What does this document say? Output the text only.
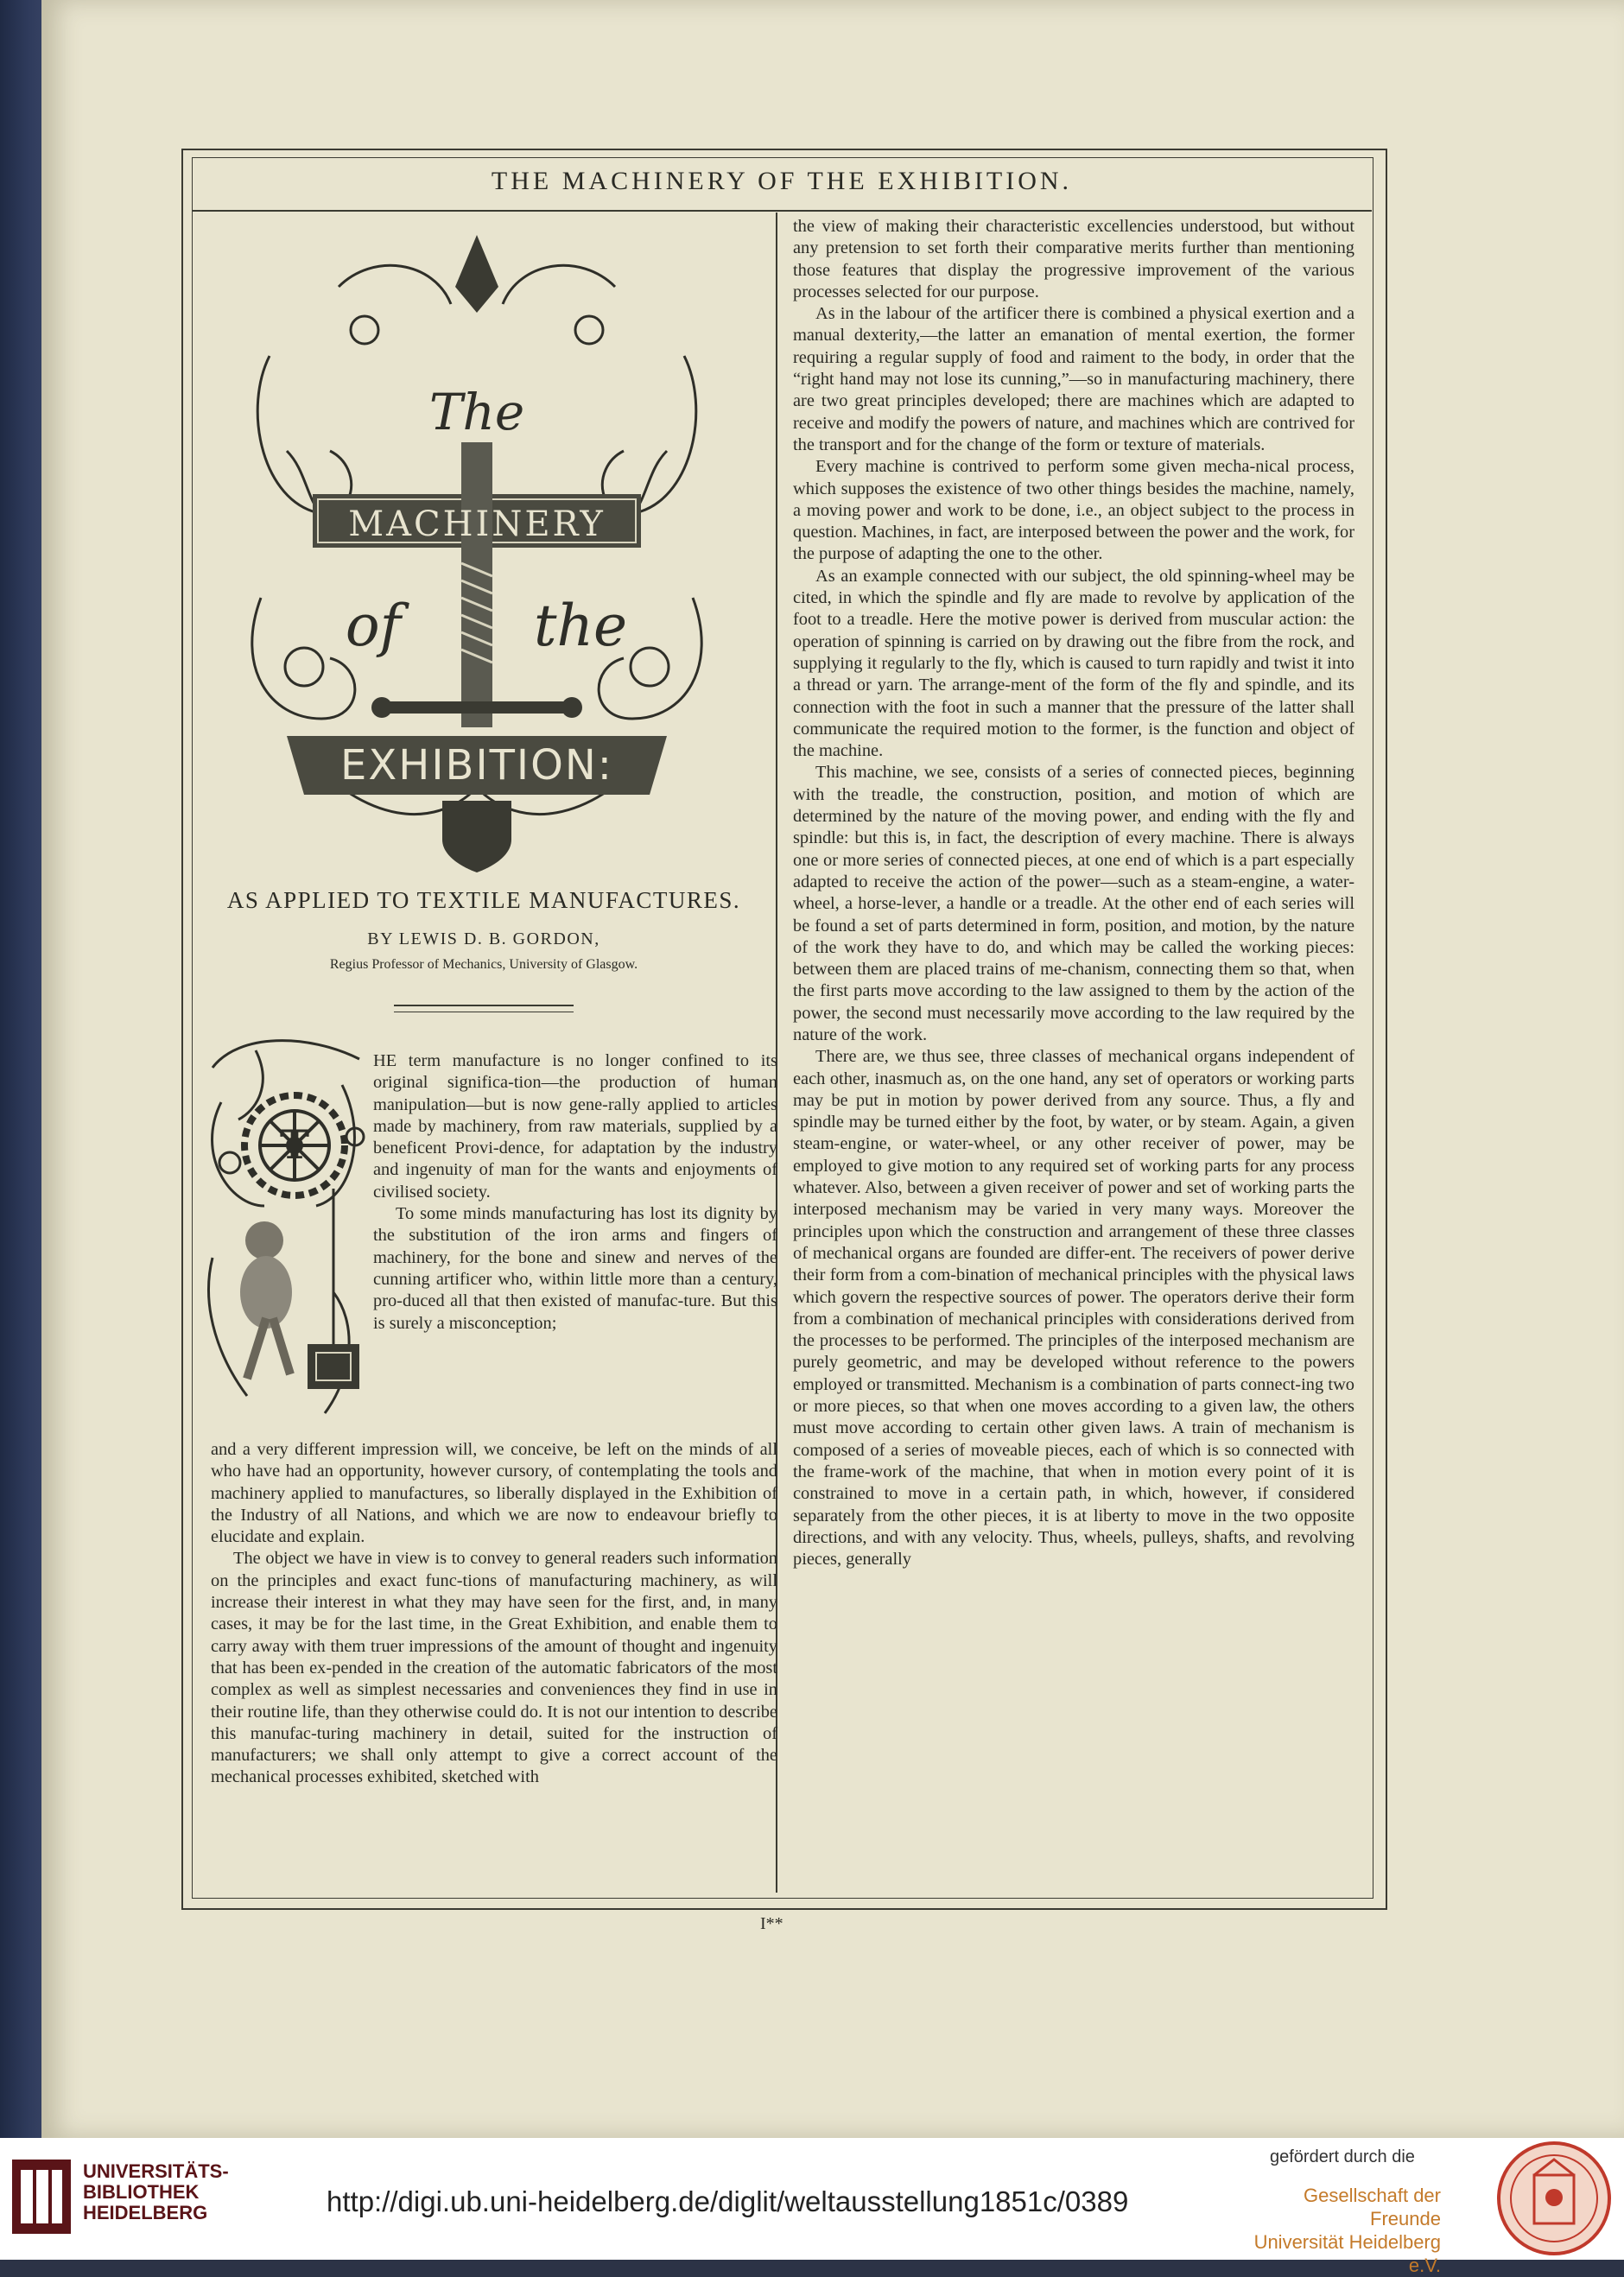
THE MACHINERY OF THE EXHIBITION.
The
MACHINERY
of the
EXHIBITION:
AS APPLIED TO TEXTILE MANUFACTURES.
BY LEWIS D. B. GORDON,
Regius Professor of Mechanics, University of Glasgow.
T

HE term manufacture is no longer confined to its original significa-tion—the production of human manipulation—but is now gene-rally applied to articles made by machinery, from raw materials, supplied by a beneficent Provi-dence, for adaptation by the industry and ingenuity of man for the wants and enjoyments of civilised society.

To some minds manufacturing has lost its dignity by the substitution of the iron arms and fingers of machinery, for the bone and sinew and nerves of the cunning artificer who, within little more than a century, pro-duced all that then existed of manufac-ture. But this is surely a misconception;

and a very different impression will, we conceive, be left on the minds of all who have had an opportunity, however cursory, of contemplating the tools and machinery applied to manufactures, so liberally displayed in the Exhibition of the Industry of all Nations, and which we are now to endeavour briefly to elucidate and explain.

The object we have in view is to convey to general readers such information on the principles and exact func-tions of manufacturing machinery, as will increase their interest in what they may have seen for the first, and, in many cases, it may be for the last time, in the Great Exhibition, and enable them to carry away with them truer impressions of the amount of thought and ingenuity that has been ex-pended in the creation of the automatic fabricators of the most complex as well as simplest necessaries and conveniences they find in use in their routine life, than they otherwise could do. It is not our intention to describe this manufac-turing machinery in detail, suited for the instruction of manufacturers; we shall only attempt to give a correct account of the mechanical processes exhibited, sketched with

the view of making their characteristic excellencies understood, but without any pretension to set forth their comparative merits further than mentioning those features that display the progressive improvement of the various processes selected for our purpose.

As in the labour of the artificer there is combined a physical exertion and a manual dexterity,—the latter an emanation of mental exertion, the former requiring a regular supply of food and raiment to the body, in order that the “right hand may not lose its cunning,”—so in manufacturing machinery, there are two great principles developed; there are machines which are adapted to receive and modify the powers of nature, and machines which are contrived for the transport and for the change of the form or texture of materials.

Every machine is contrived to perform some given mecha-nical process, which supposes the existence of two other things besides the machine, namely, a moving power and work to be done, i.e., an object subject to the process in question. Machines, in fact, are interposed between the power and the work, for the purpose of adapting the one to the other.

As an example connected with our subject, the old spinning-wheel may be cited, in which the spindle and fly are made to revolve by application of the foot to a treadle. Here the motive power is derived from muscular action: the operation of spinning is carried on by drawing out the fibre from the rock, and supplying it regularly to the fly, which is caused to turn rapidly and twist it into a thread or yarn. The arrange-ment of the form of the fly and spindle, and its connection with the foot in such a manner that the pressure of the latter shall communicate the required motion to the former, is the function and object of the machine.

This machine, we see, consists of a series of connected pieces, beginning with the treadle, the construction, position, and motion of which are determined by the nature of the moving power, and ending with the fly and spindle: but this is, in fact, the description of every machine. There is always one or more series of connected pieces, at one end of which is a part especially adapted to receive the action of the power—such as a steam-engine, a water-wheel, a horse-lever, a handle or a treadle. At the other end of each series will be found a set of parts determined in form, position, and motion, by the nature of the work they have to do, and which may be called the working pieces: between them are placed trains of me-chanism, connecting them so that, when the first parts move according to the law assigned to them by the action of the power, the second must necessarily move according to the law required by the nature of the work.

There are, we thus see, three classes of mechanical organs independent of each other, inasmuch as, on the one hand, any set of operators or working parts may be put in motion by power derived from any source. Thus, a fly and spindle may be turned either by the foot, by water, or by steam. Again, a given steam-engine, or water-wheel, or any other receiver of power, may be employed to give motion to any required set of working parts for any process whatever. Also, between a given receiver of power and set of working parts the interposed mechanism may be varied in very many ways. Moreover the principles upon which the construction and arrangement of these three classes of mechanical organs are founded are differ-ent. The receivers of power derive their form from a com-bination of mechanical principles with the physical laws which govern the respective sources of power. The operators derive their form from a combination of mechanical principles with considerations derived from the processes to be performed. The principles of the interposed mechanism are purely geometric, and may be developed without reference to the powers employed or transmitted. Mechanism is a combination of parts connect-ing two or more pieces, so that when one moves according to a given law, the others must move according to certain other given laws. A train of mechanism is composed of a series of moveable pieces, each of which is so connected with the frame-work of the machine, that when in motion every point of it is constrained to move in a certain path, in which, however, if considered separately from the other pieces, it is at liberty to move in the two opposite directions, and with any velocity. Thus, wheels, pulleys, shafts, and revolving pieces, generally

I**
UNIVERSITÄTS-
BIBLIOTHEK
HEIDELBERG	http://digi.ub.uni-heidelberg.de/diglit/weltausstellung1851c/0389
gefördert durch die
Gesellschaft der Freunde
Universität Heidelberg e.V.
